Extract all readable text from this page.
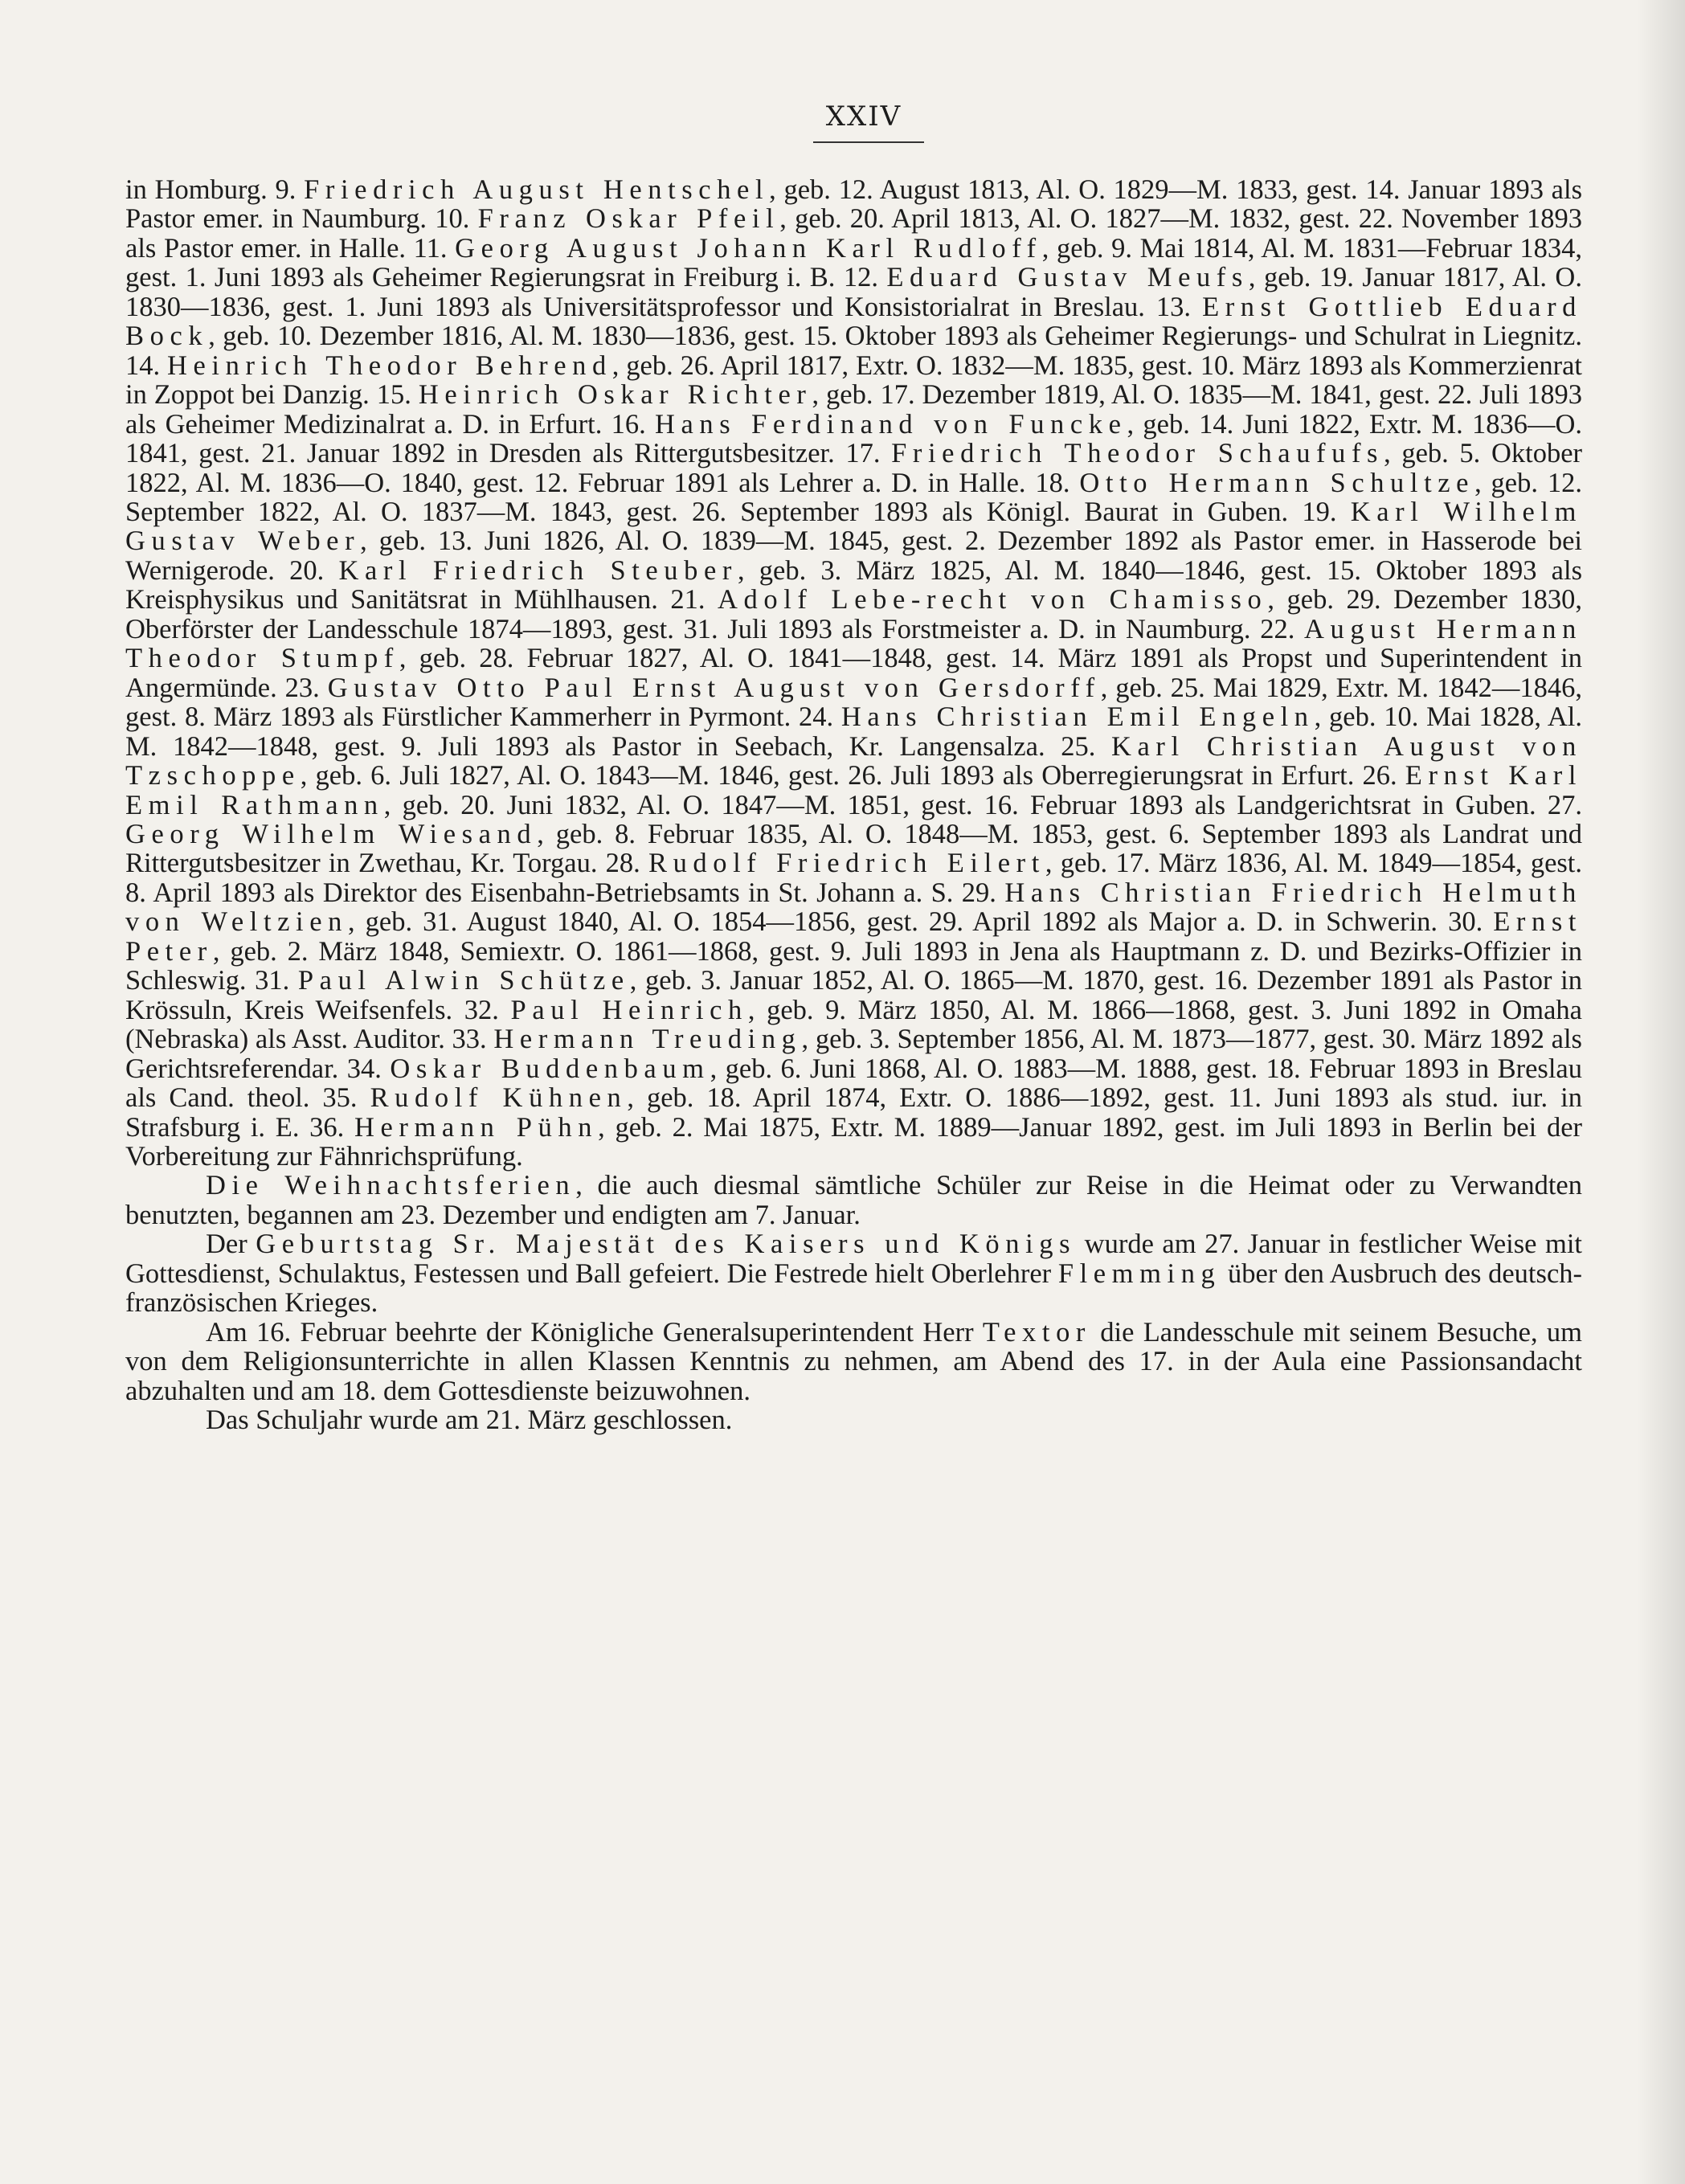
XXIV

in Homburg. 9. Friedrich August Hentschel, geb. 12. August 1813, Al. O. 1829—M. 1833, gest. 14. Januar 1893 als Pastor emer. in Naumburg. 10. Franz Oskar Pfeil, geb. 20. April 1813, Al. O. 1827—M. 1832, gest. 22. November 1893 als Pastor emer. in Halle. 11. Georg August Johann Karl Rudloff, geb. 9. Mai 1814, Al. M. 1831—Februar 1834, gest. 1. Juni 1893 als Geheimer Regierungsrat in Freiburg i. B. 12. Eduard Gustav Meufs, geb. 19. Januar 1817, Al. O. 1830—1836, gest. 1. Juni 1893 als Universitätsprofessor und Konsistorialrat in Breslau. 13. Ernst Gottlieb Eduard Bock, geb. 10. Dezember 1816, Al. M. 1830—1836, gest. 15. Oktober 1893 als Geheimer Regierungs- und Schulrat in Liegnitz. 14. Heinrich Theodor Behrend, geb. 26. April 1817, Extr. O. 1832—M. 1835, gest. 10. März 1893 als Kommerzienrat in Zoppot bei Danzig. 15. Heinrich Oskar Richter, geb. 17. Dezember 1819, Al. O. 1835—M. 1841, gest. 22. Juli 1893 als Geheimer Medizinalrat a. D. in Erfurt. 16. Hans Ferdinand von Funcke, geb. 14. Juni 1822, Extr. M. 1836—O. 1841, gest. 21. Januar 1892 in Dresden als Rittergutsbesitzer. 17. Friedrich Theodor Schaufufs, geb. 5. Oktober 1822, Al. M. 1836—O. 1840, gest. 12. Februar 1891 als Lehrer a. D. in Halle. 18. Otto Hermann Schultze, geb. 12. September 1822, Al. O. 1837—M. 1843, gest. 26. September 1893 als Königl. Baurat in Guben. 19. Karl Wilhelm Gustav Weber, geb. 13. Juni 1826, Al. O. 1839—M. 1845, gest. 2. Dezember 1892 als Pastor emer. in Hasserode bei Wernigerode. 20. Karl Friedrich Steuber, geb. 3. März 1825, Al. M. 1840—1846, gest. 15. Oktober 1893 als Kreisphysikus und Sanitätsrat in Mühlhausen. 21. Adolf Lebe-recht von Chamisso, geb. 29. Dezember 1830, Oberförster der Landesschule 1874—1893, gest. 31. Juli 1893 als Forstmeister a. D. in Naumburg. 22. August Hermann Theodor Stumpf, geb. 28. Februar 1827, Al. O. 1841—1848, gest. 14. März 1891 als Propst und Superintendent in Angermünde. 23. Gustav Otto Paul Ernst August von Gersdorff, geb. 25. Mai 1829, Extr. M. 1842—1846, gest. 8. März 1893 als Fürstlicher Kammerherr in Pyrmont. 24. Hans Christian Emil Engeln, geb. 10. Mai 1828, Al. M. 1842—1848, gest. 9. Juli 1893 als Pastor in Seebach, Kr. Langensalza. 25. Karl Christian August von Tzschoppe, geb. 6. Juli 1827, Al. O. 1843—M. 1846, gest. 26. Juli 1893 als Oberregierungsrat in Erfurt. 26. Ernst Karl Emil Rathmann, geb. 20. Juni 1832, Al. O. 1847—M. 1851, gest. 16. Februar 1893 als Landgerichtsrat in Guben. 27. Georg Wilhelm Wiesand, geb. 8. Februar 1835, Al. O. 1848—M. 1853, gest. 6. September 1893 als Landrat und Rittergutsbesitzer in Zwethau, Kr. Torgau. 28. Rudolf Friedrich Eilert, geb. 17. März 1836, Al. M. 1849—1854, gest. 8. April 1893 als Direktor des Eisenbahn-Betriebsamts in St. Johann a. S. 29. Hans Christian Friedrich Helmuth von Weltzien, geb. 31. August 1840, Al. O. 1854—1856, gest. 29. April 1892 als Major a. D. in Schwerin. 30. Ernst Peter, geb. 2. März 1848, Semiextr. O. 1861—1868, gest. 9. Juli 1893 in Jena als Hauptmann z. D. und Bezirks-Offizier in Schleswig. 31. Paul Alwin Schütze, geb. 3. Januar 1852, Al. O. 1865—M. 1870, gest. 16. Dezember 1891 als Pastor in Krössuln, Kreis Weifsenfels. 32. Paul Heinrich, geb. 9. März 1850, Al. M. 1866—1868, gest. 3. Juni 1892 in Omaha (Nebraska) als Asst. Auditor. 33. Hermann Treuding, geb. 3. September 1856, Al. M. 1873—1877, gest. 30. März 1892 als Gerichtsreferendar. 34. Oskar Buddenbaum, geb. 6. Juni 1868, Al. O. 1883—M. 1888, gest. 18. Februar 1893 in Breslau als Cand. theol. 35. Rudolf Kühnen, geb. 18. April 1874, Extr. O. 1886—1892, gest. 11. Juni 1893 als stud. iur. in Strafsburg i. E. 36. Hermann Pühn, geb. 2. Mai 1875, Extr. M. 1889—Januar 1892, gest. im Juli 1893 in Berlin bei der Vorbereitung zur Fähnrichsprüfung.

Die Weihnachtsferien, die auch diesmal sämtliche Schüler zur Reise in die Heimat oder zu Verwandten benutzten, begannen am 23. Dezember und endigten am 7. Januar.

Der Geburtstag Sr. Majestät des Kaisers und Königs wurde am 27. Januar in festlicher Weise mit Gottesdienst, Schulaktus, Festessen und Ball gefeiert. Die Festrede hielt Oberlehrer Flemming über den Ausbruch des deutsch-französischen Krieges.

Am 16. Februar beehrte der Königliche Generalsuperintendent Herr Textor die Landesschule mit seinem Besuche, um von dem Religionsunterrichte in allen Klassen Kenntnis zu nehmen, am Abend des 17. in der Aula eine Passionsandacht abzuhalten und am 18. dem Gottesdienste beizuwohnen.

Das Schuljahr wurde am 21. März geschlossen.
